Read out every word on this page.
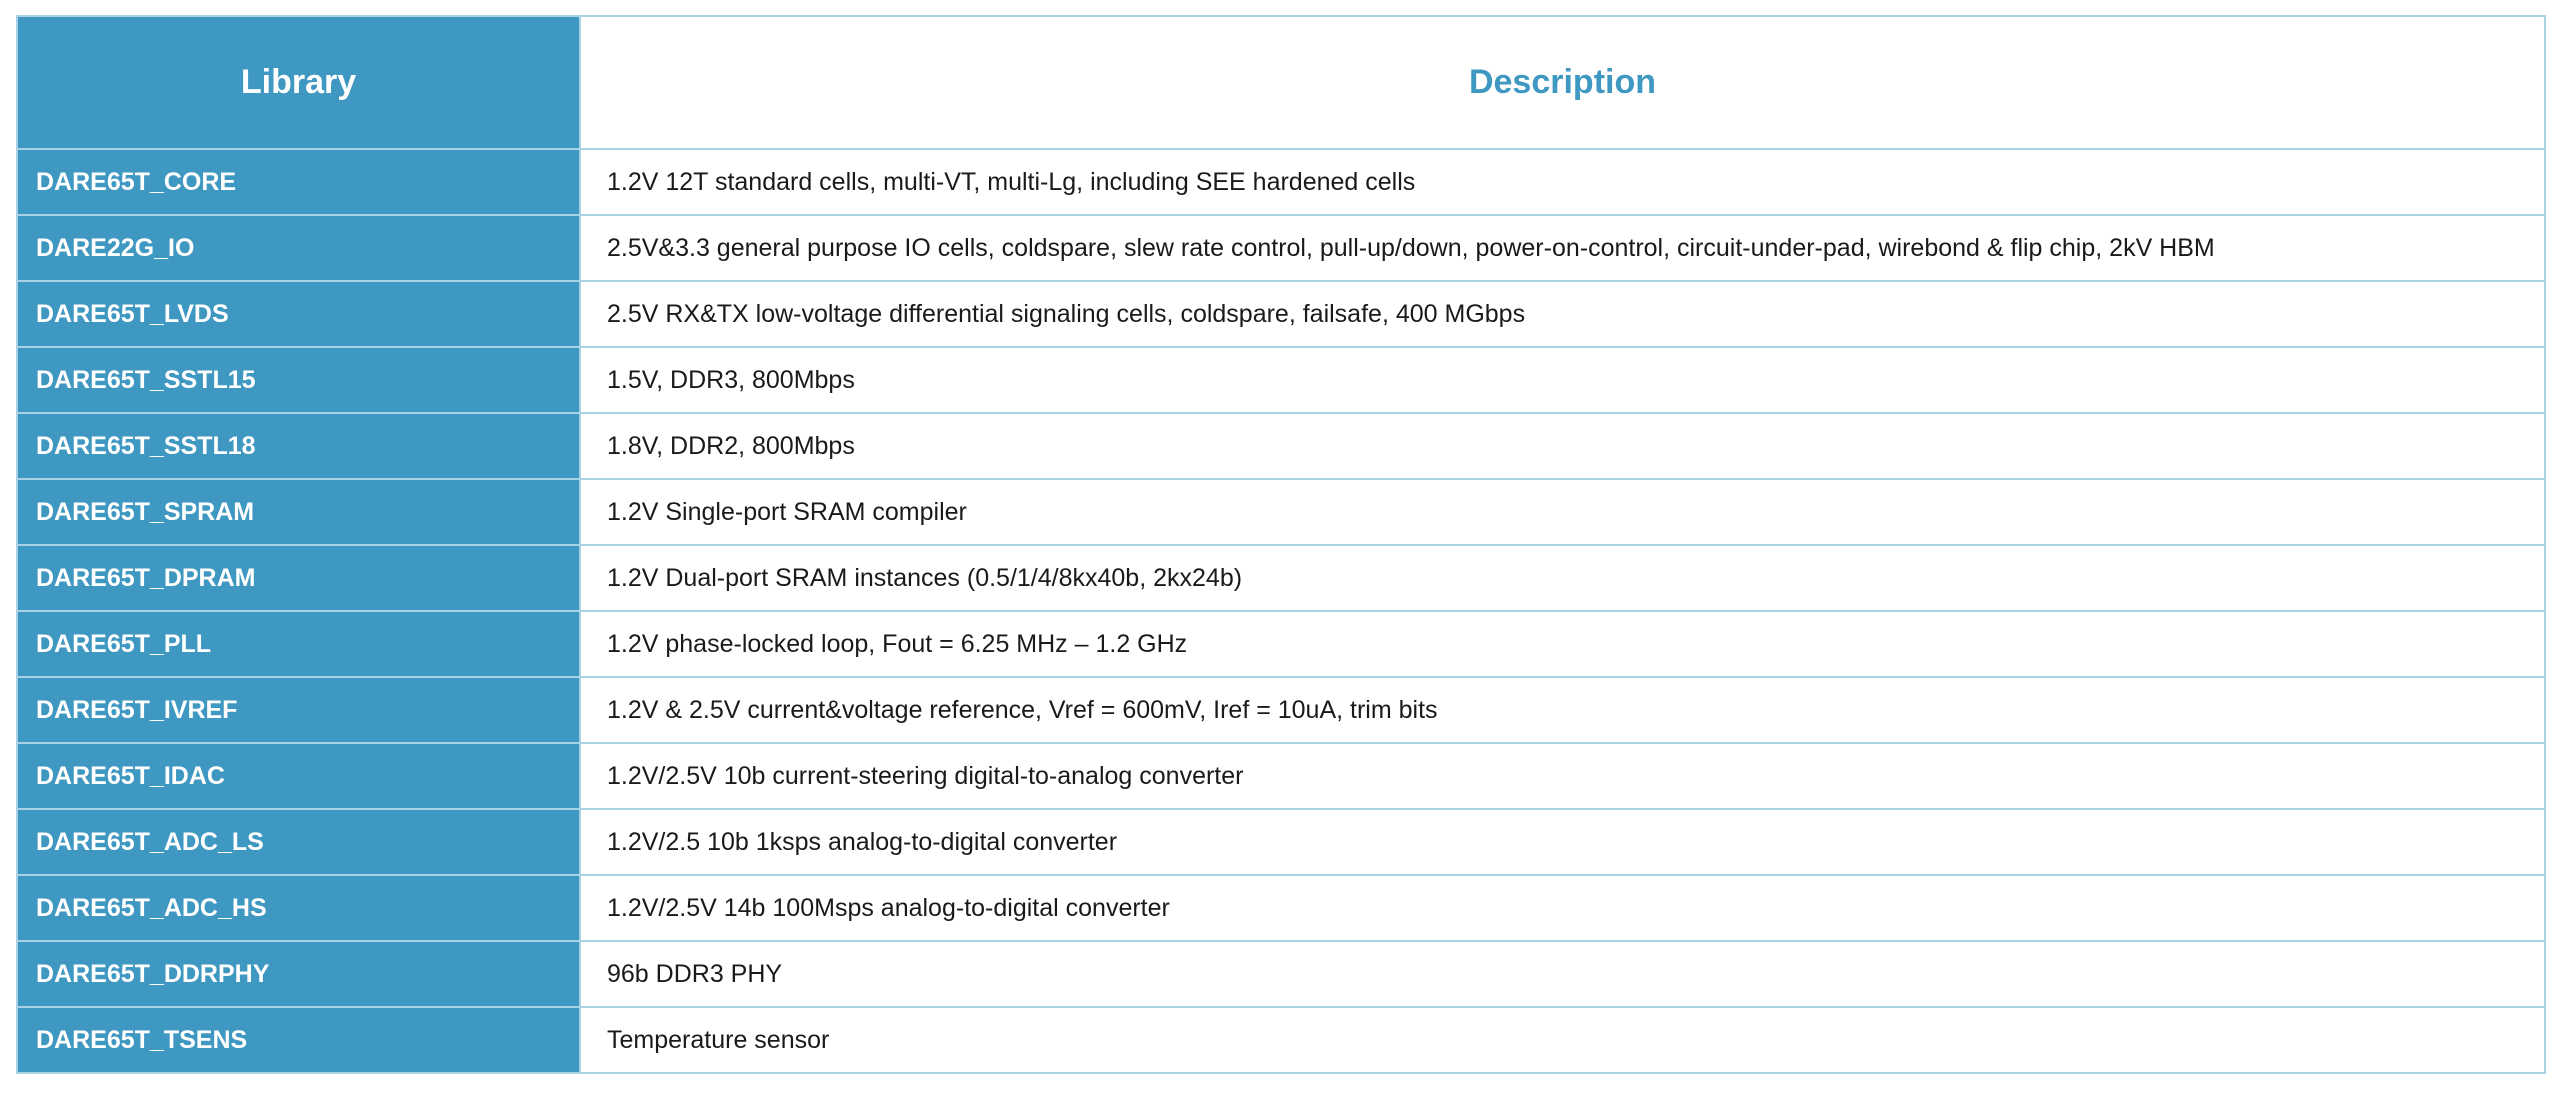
Library	Description
DARE65T_CORE	1.2V 12T standard cells, multi-VT, multi-Lg, including SEE hardened cells
DARE22G_IO	2.5V&3.3 general purpose IO cells, coldspare, slew rate control, pull-up/down, power-on-control, circuit-under-pad, wirebond & flip chip, 2kV HBM
DARE65T_LVDS	2.5V RX&TX low-voltage differential signaling cells, coldspare, failsafe, 400 MGbps
DARE65T_SSTL15	1.5V, DDR3, 800Mbps
DARE65T_SSTL18	1.8V, DDR2, 800Mbps
DARE65T_SPRAM	1.2V Single-port SRAM compiler
DARE65T_DPRAM	1.2V Dual-port SRAM instances (0.5/1/4/8kx40b, 2kx24b)
DARE65T_PLL	1.2V phase-locked loop, Fout = 6.25 MHz – 1.2 GHz
DARE65T_IVREF	1.2V & 2.5V current&voltage reference, Vref = 600mV, Iref = 10uA, trim bits
DARE65T_IDAC	1.2V/2.5V 10b current-steering digital-to-analog converter
DARE65T_ADC_LS	1.2V/2.5 10b 1ksps analog-to-digital converter
DARE65T_ADC_HS	1.2V/2.5V 14b 100Msps analog-to-digital converter
DARE65T_DDRPHY	96b DDR3 PHY
DARE65T_TSENS	Temperature sensor
